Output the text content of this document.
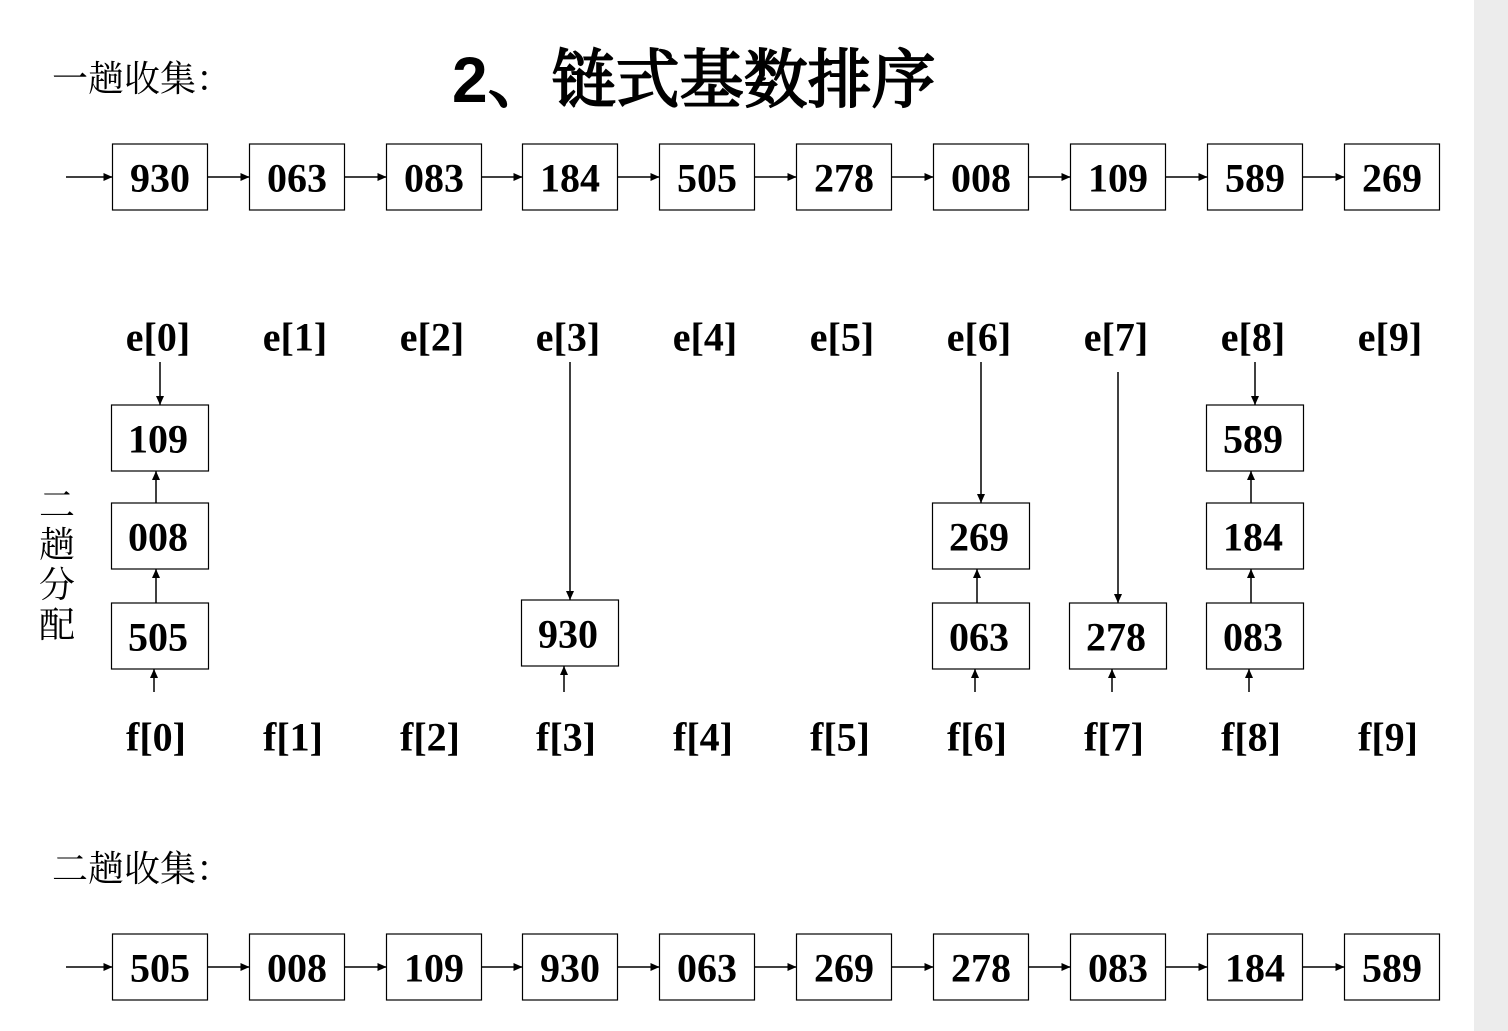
一趟收集：	2、链式基数排序
二趟分配
二趟收集：
930 063 083 184 505 278 008 109 589 269
e[0] e[1] e[2] e[3] e[4] e[5] e[6] e[7] e[8] e[9]
f[0] f[1] f[2] f[3] f[4] f[5] f[6] f[7] f[8] f[9]
109
008
505	930
269
063 278
589
184
083
505 008 109 930 063 269 278 083 184 589
